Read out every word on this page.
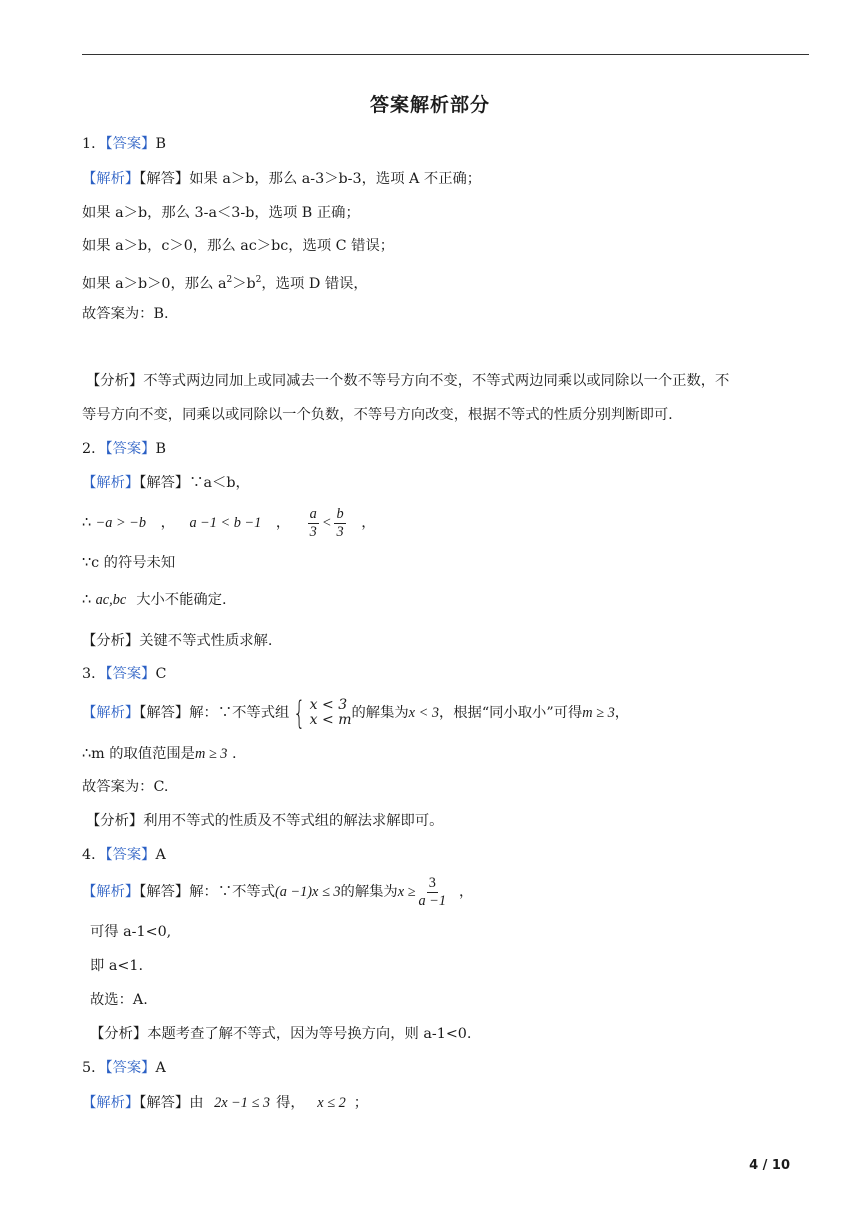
答案解析部分
1．【答案】B
【解析】【解答】如果 a＞b，那么 a-3＞b-3，选项 A 不正确；
如果 a＞b，那么 3-a＜3-b，选项 B 正确；
如果 a＞b，c＞0，那么 ac＞bc，选项 C 错误；
如果 a＞b＞0，那么 $a^2>b^2$，选项 D 错误，
故答案为：B.
【分析】不等式两边同加上或同减去一个数不等号方向不变，不等式两边同乘以或同除以一个正数，不
等号方向不变，同乘以或同除以一个负数，不等号方向改变，根据不等式的性质分别判断即可.
2．【答案】B
【解析】【解答】∵a＜b，
∴ −a > −b ， a −1 < b −1 ， $\frac{a}{3} < \frac{b}{3}$ ，
∵c 的符号未知
∴ ac,bc 大小不能确定.
【分析】关键不等式性质求解.
3．【答案】C
【解析】【解答】解：∵不等式组 { x < 3
x < m 的解集为x < 3，根据“同小取小”可得m ≥ 3，
∴m 的取值范围是m ≥ 3 .
故答案为：C.
【分析】利用不等式的性质及不等式组的解法求解即可。
4．【答案】A
【解析】【解答】解：∵不等式(a −1)x ≤ 3的解集为$x \ge \frac{3}{a -1}$ ，
可得 a-1<0,
即 a<1.
故选：A.
【分析】本题考查了解不等式，因为等号换方向，则 a-1<0.
5．【答案】A
【解析】【解答】由 2x −1 ≤ 3 得， x ≤ 2 ；
4 / 10
